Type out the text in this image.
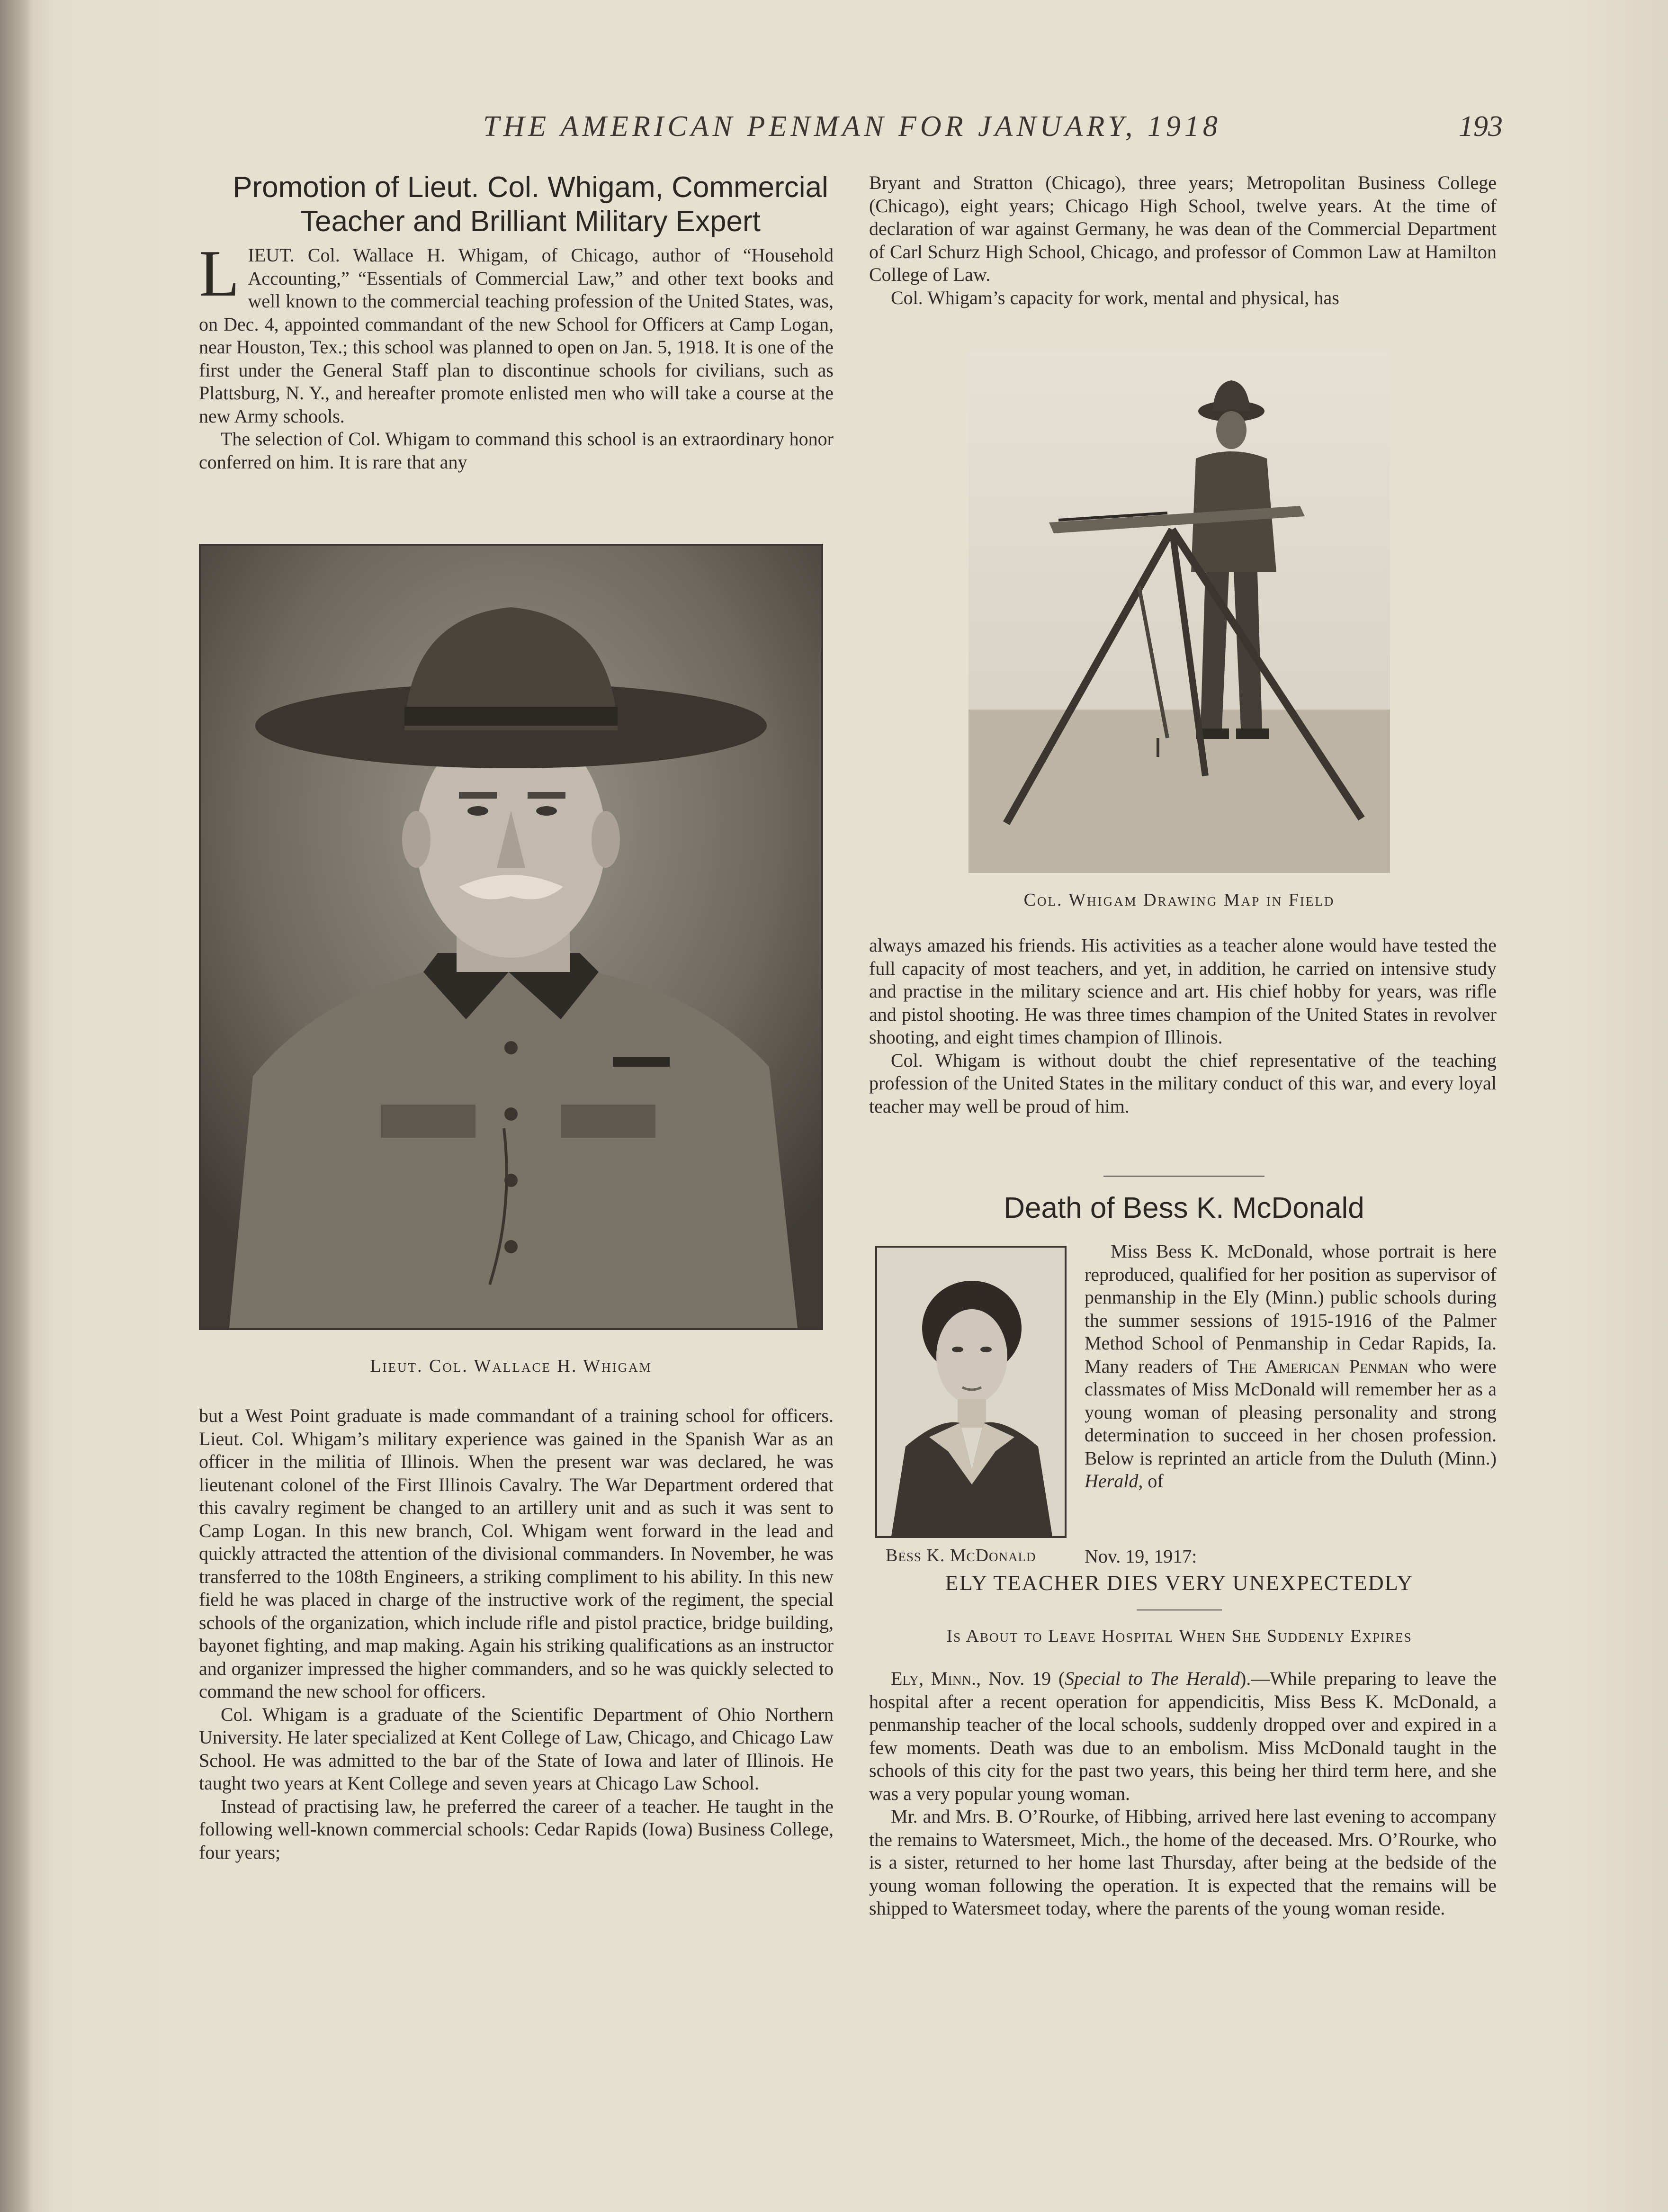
THE AMERICAN PENMAN FOR JANUARY, 1918	193
Promotion of Lieut. Col. Whigam, Commercial
Teacher and Brilliant Military Expert

LIEUT. Col. Wallace H. Whigam, of Chicago, author of “Household Accounting,” “Essentials of Commercial Law,” and other text books and well known to the commercial teaching profession of the United States, was, on Dec. 4, appointed commandant of the new School for Officers at Camp Logan, near Houston, Tex.; this school was planned to open on Jan. 5, 1918. It is one of the first under the General Staff plan to discontinue schools for civilians, such as Plattsburg, N. Y., and hereafter promote enlisted men who will take a course at the new Army schools.

The selection of Col. Whigam to command this school is an extraordinary honor conferred on him. It is rare that any

Lieut. Col. Wallace H. Whigam

but a West Point graduate is made commandant of a training school for officers. Lieut. Col. Whigam’s military experience was gained in the Spanish War as an officer in the militia of Illinois. When the present war was declared, he was lieutenant colonel of the First Illinois Cavalry. The War Department ordered that this cavalry regiment be changed to an artillery unit and as such it was sent to Camp Logan. In this new branch, Col. Whigam went forward in the lead and quickly attracted the attention of the divisional commanders. In November, he was transferred to the 108th Engineers, a striking compliment to his ability. In this new field he was placed in charge of the instructive work of the regiment, the special schools of the organization, which include rifle and pistol practice, bridge building, bayonet fighting, and map making. Again his striking qualifications as an instructor and organizer impressed the higher commanders, and so he was quickly selected to command the new school for officers.

Col. Whigam is a graduate of the Scientific Department of Ohio Northern University. He later specialized at Kent College of Law, Chicago, and Chicago Law School. He was admitted to the bar of the State of Iowa and later of Illinois. He taught two years at Kent College and seven years at Chicago Law School.

Instead of practising law, he preferred the career of a teacher. He taught in the following well-known commercial schools: Cedar Rapids (Iowa) Business College, four years;

Bryant and Stratton (Chicago), three years; Metropolitan Business College (Chicago), eight years; Chicago High School, twelve years. At the time of declaration of war against Germany, he was dean of the Commercial Department of Carl Schurz High School, Chicago, and professor of Common Law at Hamilton College of Law.

Col. Whigam’s capacity for work, mental and physical, has

Col. Whigam Drawing Map in Field

always amazed his friends. His activities as a teacher alone would have tested the full capacity of most teachers, and yet, in addition, he carried on intensive study and practise in the military science and art. His chief hobby for years, was rifle and pistol shooting. He was three times champion of the United States in revolver shooting, and eight times champion of Illinois.

Col. Whigam is without doubt the chief representative of the teaching profession of the United States in the military conduct of this war, and every loyal teacher may well be proud of him.

Death of Bess K. McDonald
Bess K. McDonald

Miss Bess K. McDonald, whose portrait is here reproduced, qualified for her position as supervisor of penmanship in the Ely (Minn.) public schools during the summer sessions of 1915-1916 of the Palmer Method School of Penmanship in Cedar Rapids, Ia. Many readers of The American Penman who were classmates of Miss McDonald will remember her as a young woman of pleasing personality and strong determination to succeed in her chosen profession. Below is reprinted an article from the Duluth (Minn.) Herald, of

Nov. 19, 1917:
ELY TEACHER DIES VERY UNEXPECTEDLY
Is About to Leave Hospital When She Suddenly Expires

Ely, Minn., Nov. 19 (Special to The Herald).—While preparing to leave the hospital after a recent operation for appendicitis, Miss Bess K. McDonald, a penmanship teacher of the local schools, suddenly dropped over and expired in a few moments. Death was due to an embolism. Miss McDonald taught in the schools of this city for the past two years, this being her third term here, and she was a very popular young woman.

Mr. and Mrs. B. O’Rourke, of Hibbing, arrived here last evening to accompany the remains to Watersmeet, Mich., the home of the deceased. Mrs. O’Rourke, who is a sister, returned to her home last Thursday, after being at the bedside of the young woman following the operation. It is expected that the remains will be shipped to Watersmeet today, where the parents of the young woman reside.
